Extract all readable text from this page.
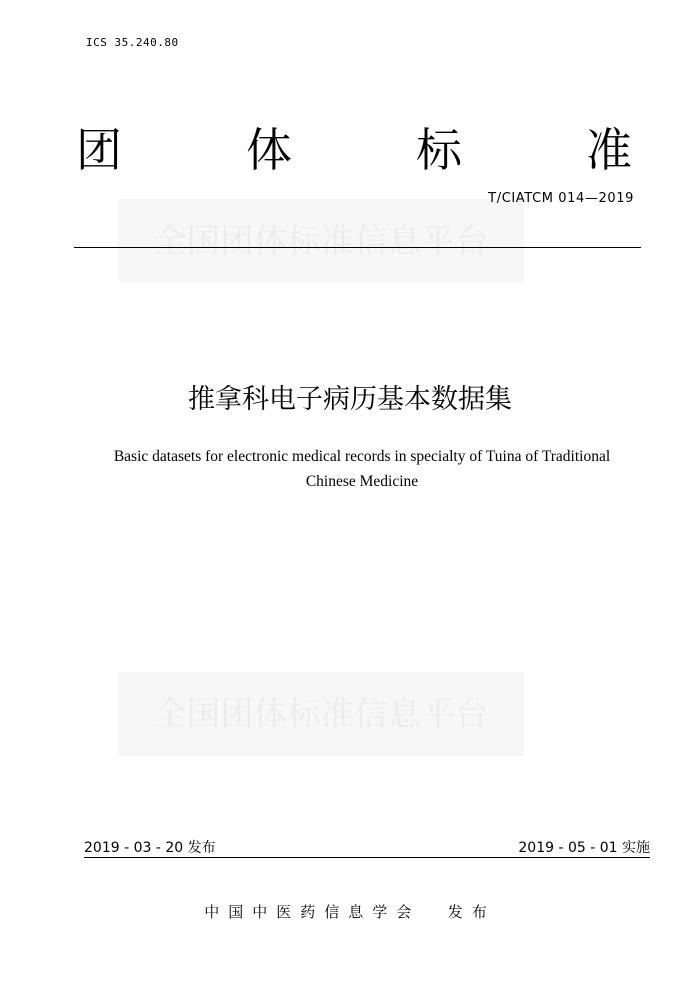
ICS 35.240.80
全国团体标准信息平台
全国团体标准信息平台
团	体	标	准
T/CIATCM 014—2019
推拿科电子病历基本数据集
Basic datasets for electronic medical records in specialty of Tuina of Traditional Chinese Medicine
2019 - 03 - 20 发布	2019 - 05 - 01 实施
中国中医药信息学会  发布
